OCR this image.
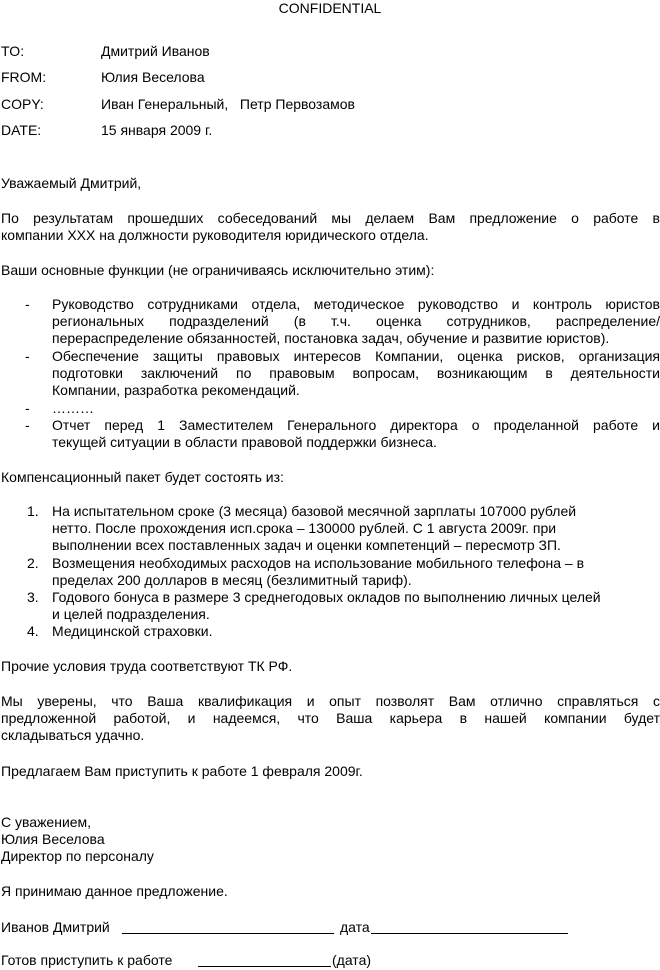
CONFIDENTIAL
TO:	Дмитрий Иванов
FROM:	Юлия Веселова
COPY:	Иван Генеральный,   Петр Первозамов
DATE:	15 января 2009 г.
Уважаемый Дмитрий,
По результатам прошедших собеседований мы делаем Вам предложение о работе в
компании XXX на должности руководителя юридического отдела.
Ваши основные функции (не ограничиваясь исключительно этим):
- Руководство сотрудниками отдела, методическое руководство и контроль юристов
региональных подразделений (в т.ч. оценка сотрудников, распределение/
перераспределение обязанностей, постановка задач, обучение и развитие юристов).
- Обеспечение защиты правовых интересов Компании, оценка рисков, организация
подготовки заключений по правовым вопросам, возникающим в деятельности
Компании, разработка рекомендаций.
- ………
- Отчет перед 1 Заместителем Генерального директора о проделанной работе и
текущей ситуации в области правовой поддержки бизнеса.
Компенсационный пакет будет состоять из:
1. На испытательном сроке (3 месяца) базовой месячной зарплаты 107000 рублей
нетто. После прохождения исп.срока – 130000 рублей. С 1 августа 2009г. при
выполнении всех поставленных задач и оценки компетенций – пересмотр ЗП.
2. Возмещения необходимых расходов на использование мобильного телефона – в
пределах 200 долларов в месяц (безлимитный тариф).
3. Годового бонуса в размере 3 среднегодовых окладов по выполнению личных целей
и целей подразделения.
4. Медицинской страховки.
Прочие условия труда соответствуют ТК РФ.
Мы уверены, что Ваша квалификация и опыт позволят Вам отлично справляться с
предложенной работой, и надеемся, что Ваша карьера в нашей компании будет
складываться удачно.
Предлагаем Вам приступить к работе 1 февраля 2009г.
С уважением,
Юлия Веселова
Директор по персоналу
Я принимаю данное предложение.
Иванов Дмитрий	дата
Готов приступить к работе	(дата)
